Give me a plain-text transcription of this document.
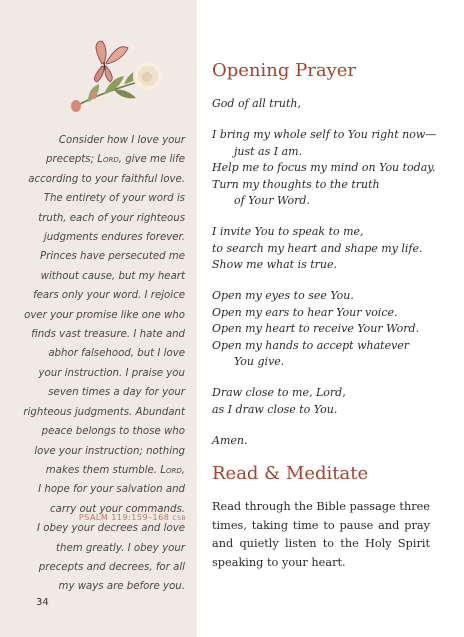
Consider how I love your
precepts; Lord, give me life
according to your faithful love.
The entirety of your word is
truth, each of your righteous
judgments endures forever.
Princes have persecuted me
without cause, but my heart
fears only your word. I rejoice
over your promise like one who
finds vast treasure. I hate and
abhor falsehood, but I love
your instruction. I praise you
seven times a day for your
righteous judgments. Abundant
peace belongs to those who
love your instruction; nothing
makes them stumble. Lord,
I hope for your salvation and
carry out your commands.
I obey your decrees and love
them greatly. I obey your
precepts and decrees, for all
my ways are before you.
PSALM 119:159–168 CSB
34
Opening Prayer
God of all truth,
I bring my whole self to You right now—
just as I am.
Help me to focus my mind on You today.
Turn my thoughts to the truth
of Your Word.
I invite You to speak to me,
to search my heart and shape my life.
Show me what is true.
Open my eyes to see You.
Open my ears to hear Your voice.
Open my heart to receive Your Word.
Open my hands to accept whatever
You give.
Draw close to me, Lord,
as I draw close to You.
Amen.
Read & Meditate

Read through the Bible passage three times, taking time to pause and pray and quietly listen to the Holy Spirit speaking to your heart.
